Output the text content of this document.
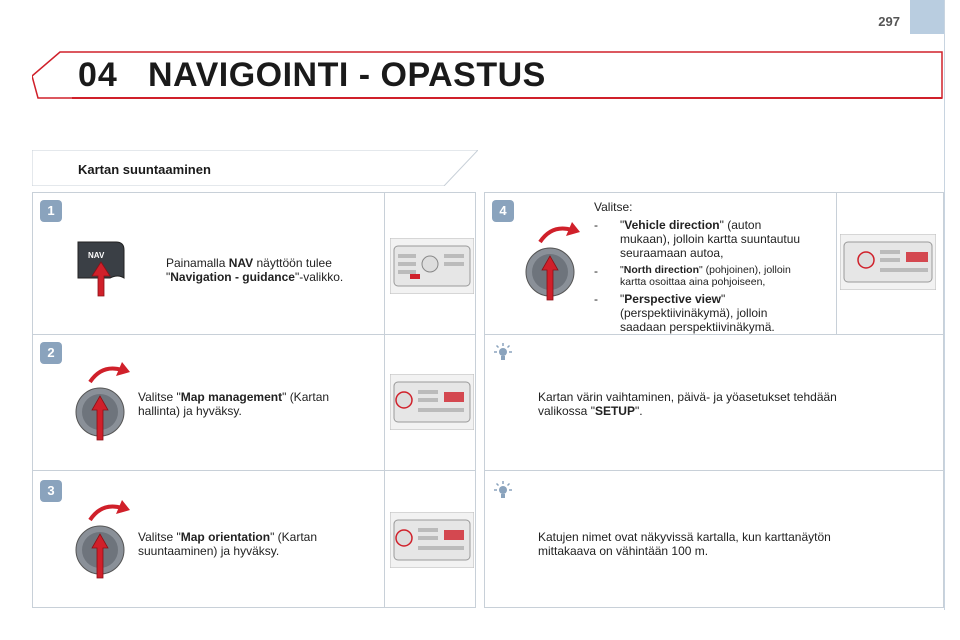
297
04 NAVIGOINTI - OPASTUS
Kartan suuntaaminen
1
NAV
Painamalla NAV näyttöön tulee
"Navigation - guidance"-valikko.
2
Valitse "Map management" (Kartan
hallinta) ja hyväksy.
3
Valitse "Map orientation" (Kartan
suuntaaminen) ja hyväksy.
4	Valitse:
- "Vehicle direction" (auton
mukaan), jolloin kartta suuntautuu
seuraamaan autoa,
- "North direction" (pohjoinen), jolloin
kartta osoittaa aina pohjoiseen,
- "Perspective view"
(perspektiivinäkymä), jolloin
saadaan perspektiivinäkymä.
Kartan värin vaihtaminen, päivä- ja yöasetukset tehdään
valikossa "SETUP".
Katujen nimet ovat näkyvissä kartalla, kun karttanäytön
mittakaava on vähintään 100 m.
